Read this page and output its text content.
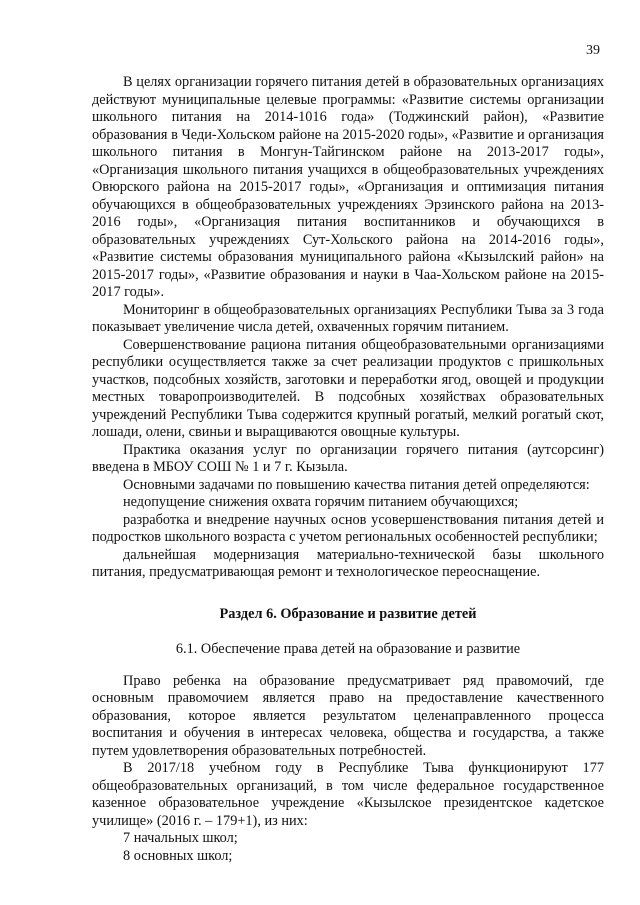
39

В целях организации горячего питания детей в образовательных организациях действуют муниципальные целевые программы: «Развитие системы организации школьного питания на 2014-1016 года» (Тоджинский район), «Развитие образования в Чеди-Хольском районе на 2015-2020 годы», «Развитие и организация школьного питания в Монгун-Тайгинском районе на 2013-2017 годы», «Организация школьного питания учащихся в общеобразовательных учреждениях Овюрского района на 2015-2017 годы», «Организация и оптимизация питания обучающихся в общеобразовательных учреждениях Эрзинского района на 2013-2016 годы», «Организация питания воспитанников и обучающихся в образовательных учреждениях Сут-Хольского района на 2014-2016 годы», «Развитие системы образования муниципального района «Кызылский район» на 2015-2017 годы», «Развитие образования и науки в Чаа-Хольском районе на 2015-2017 годы».

Мониторинг в общеобразовательных организациях Республики Тыва за 3 года показывает увеличение числа детей, охваченных горячим питанием.

Совершенствование рациона питания общеобразовательными организациями республики осуществляется также за счет реализации продуктов с пришкольных участков, подсобных хозяйств, заготовки и переработки ягод, овощей и продукции местных товаропроизводителей. В подсобных хозяйствах образовательных учреждений Республики Тыва содержится крупный рогатый, мелкий рогатый скот, лошади, олени, свиньи и выращиваются овощные культуры.

Практика оказания услуг по организации горячего питания (аутсорсинг) введена в МБОУ СОШ № 1 и 7 г. Кызыла.

Основными задачами по повышению качества питания детей определяются:

недопущение снижения охвата горячим питанием обучающихся;

разработка и внедрение научных основ усовершенствования питания детей и подростков школьного возраста с учетом региональных особенностей республики;

дальнейшая модернизация материально-технической базы школьного питания, предусматривающая ремонт и технологическое переоснащение.

Раздел 6. Образование и развитие детей

6.1. Обеспечение права детей на образование и развитие

Право ребенка на образование предусматривает ряд правомочий, где основным правомочием является право на предоставление качественного образования, которое является результатом целенаправленного процесса воспитания и обучения в интересах человека, общества и государства, а также путем удовлетворения образовательных потребностей.

В 2017/18 учебном году в Республике Тыва функционируют 177 общеобразовательных организаций, в том числе федеральное государственное казенное образовательное учреждение «Кызылское президентское кадетское училище» (2016 г. – 179+1), из них:

7 начальных школ;

8 основных школ;
